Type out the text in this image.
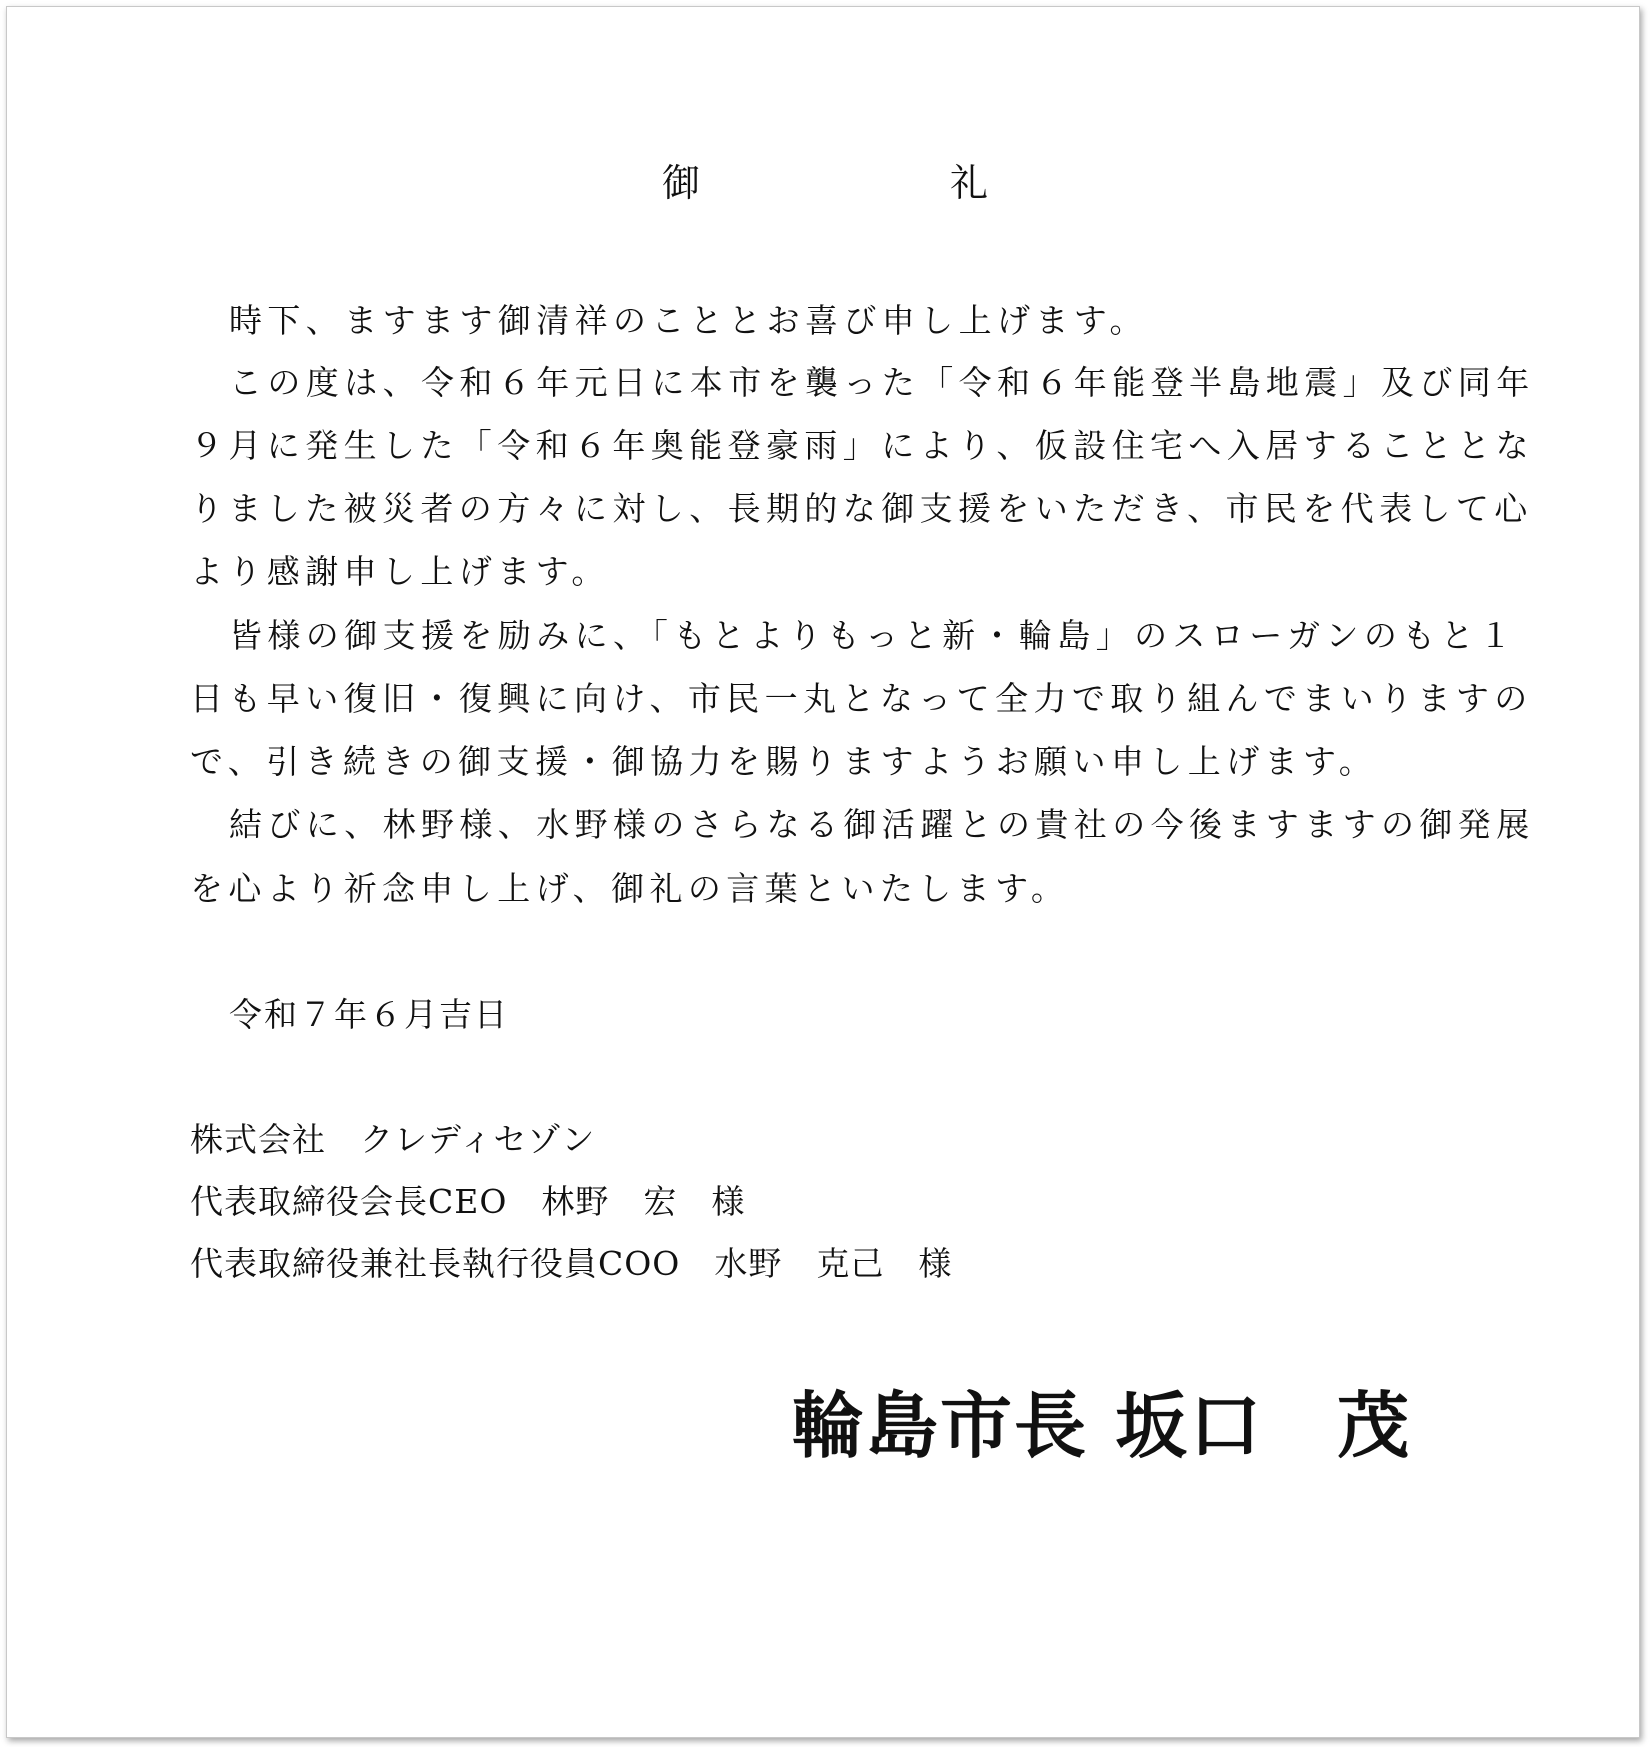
御　　礼
時下、ますます御清祥のこととお喜び申し上げます。
この度は、令和６年元日に本市を襲った「令和６年能登半島地震」及び同年
９月に発生した「令和６年奥能登豪雨」により、仮設住宅へ入居することとな
りました被災者の方々に対し、長期的な御支援をいただき、市民を代表して心
より感謝申し上げます。
皆様の御支援を励みに、「もとよりもっと新・輪島」のスローガンのもと１
日も早い復旧・復興に向け、市民一丸となって全力で取り組んでまいりますの
で、引き続きの御支援・御協力を賜りますようお願い申し上げます。
結びに、林野様、水野様のさらなる御活躍との貴社の今後ますますの御発展
を心より祈念申し上げ、御礼の言葉といたします。
令和７年６月吉日
株式会社　クレディセゾン
代表取締役会長CEO　林野　宏　様
代表取締役兼社長執行役員COO　水野　克己　様
輪島市長 坂口　茂
